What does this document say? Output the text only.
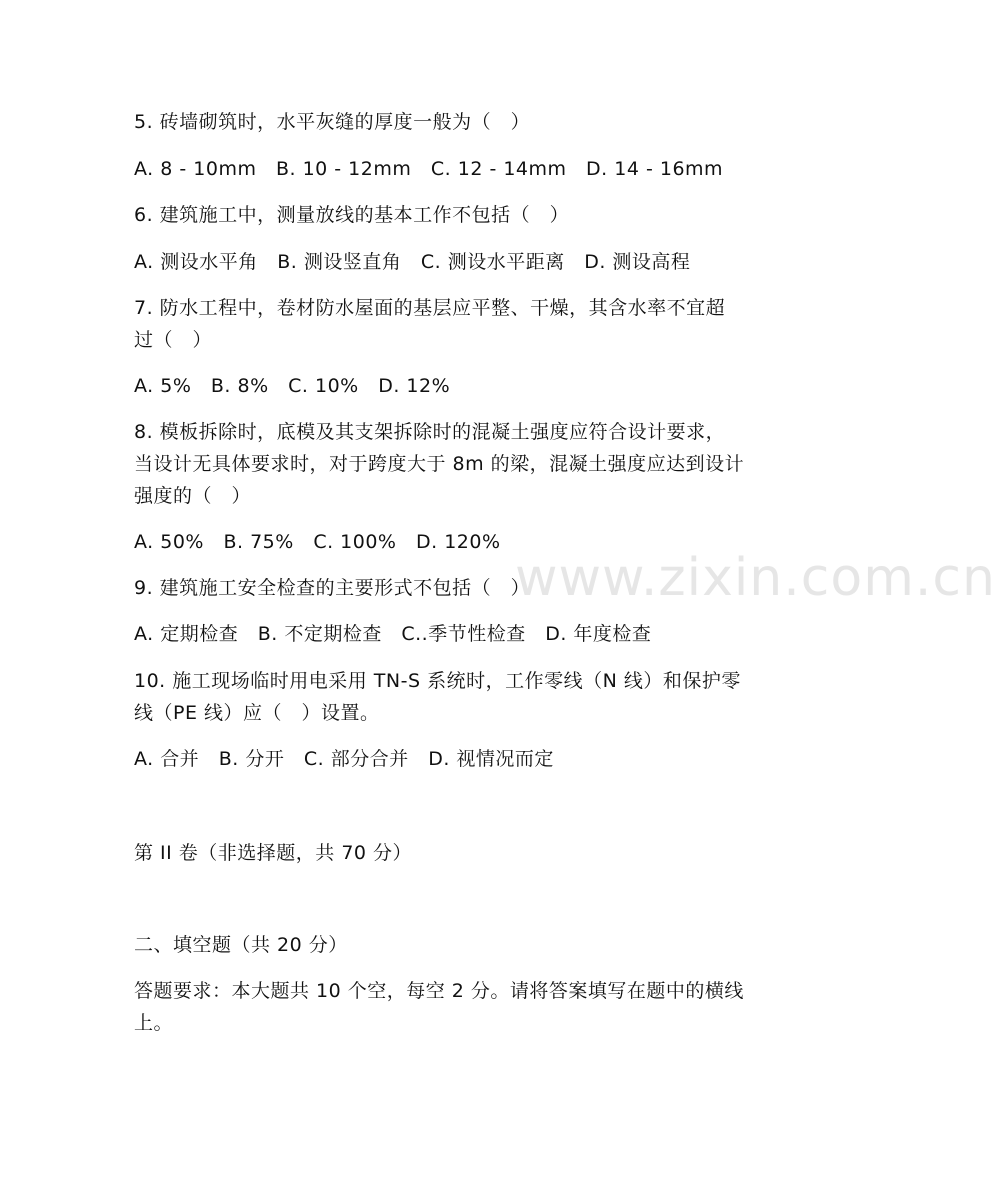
www.zixin.com.cn
5. 砖墙砌筑时，水平灰缝的厚度一般为（　）
A. 8 - 10mm　B. 10 - 12mm　C. 12 - 14mm　D. 14 - 16mm
6. 建筑施工中，测量放线的基本工作不包括（　）
A. 测设水平角　B. 测设竖直角　C. 测设水平距离　D. 测设高程
7. 防水工程中，卷材防水屋面的基层应平整、干燥，其含水率不宜超
过（　）
A. 5%　B. 8%　C. 10%　D. 12%
8. 模板拆除时，底模及其支架拆除时的混凝土强度应符合设计要求，
当设计无具体要求时，对于跨度大于 8m 的梁，混凝土强度应达到设计
强度的（　）
A. 50%　B. 75%　C. 100%　D. 120%
9. 建筑施工安全检查的主要形式不包括（　）
A. 定期检查　B. 不定期检查　C..季节性检查　D. 年度检查
10. 施工现场临时用电采用 TN-S 系统时，工作零线（N 线）和保护零
线（PE 线）应（　）设置。
A. 合并　B. 分开　C. 部分合并　D. 视情况而定
第 II 卷（非选择题，共 70 分）
二、填空题（共 20 分）
答题要求：本大题共 10 个空，每空 2 分。请将答案填写在题中的横线
上。
